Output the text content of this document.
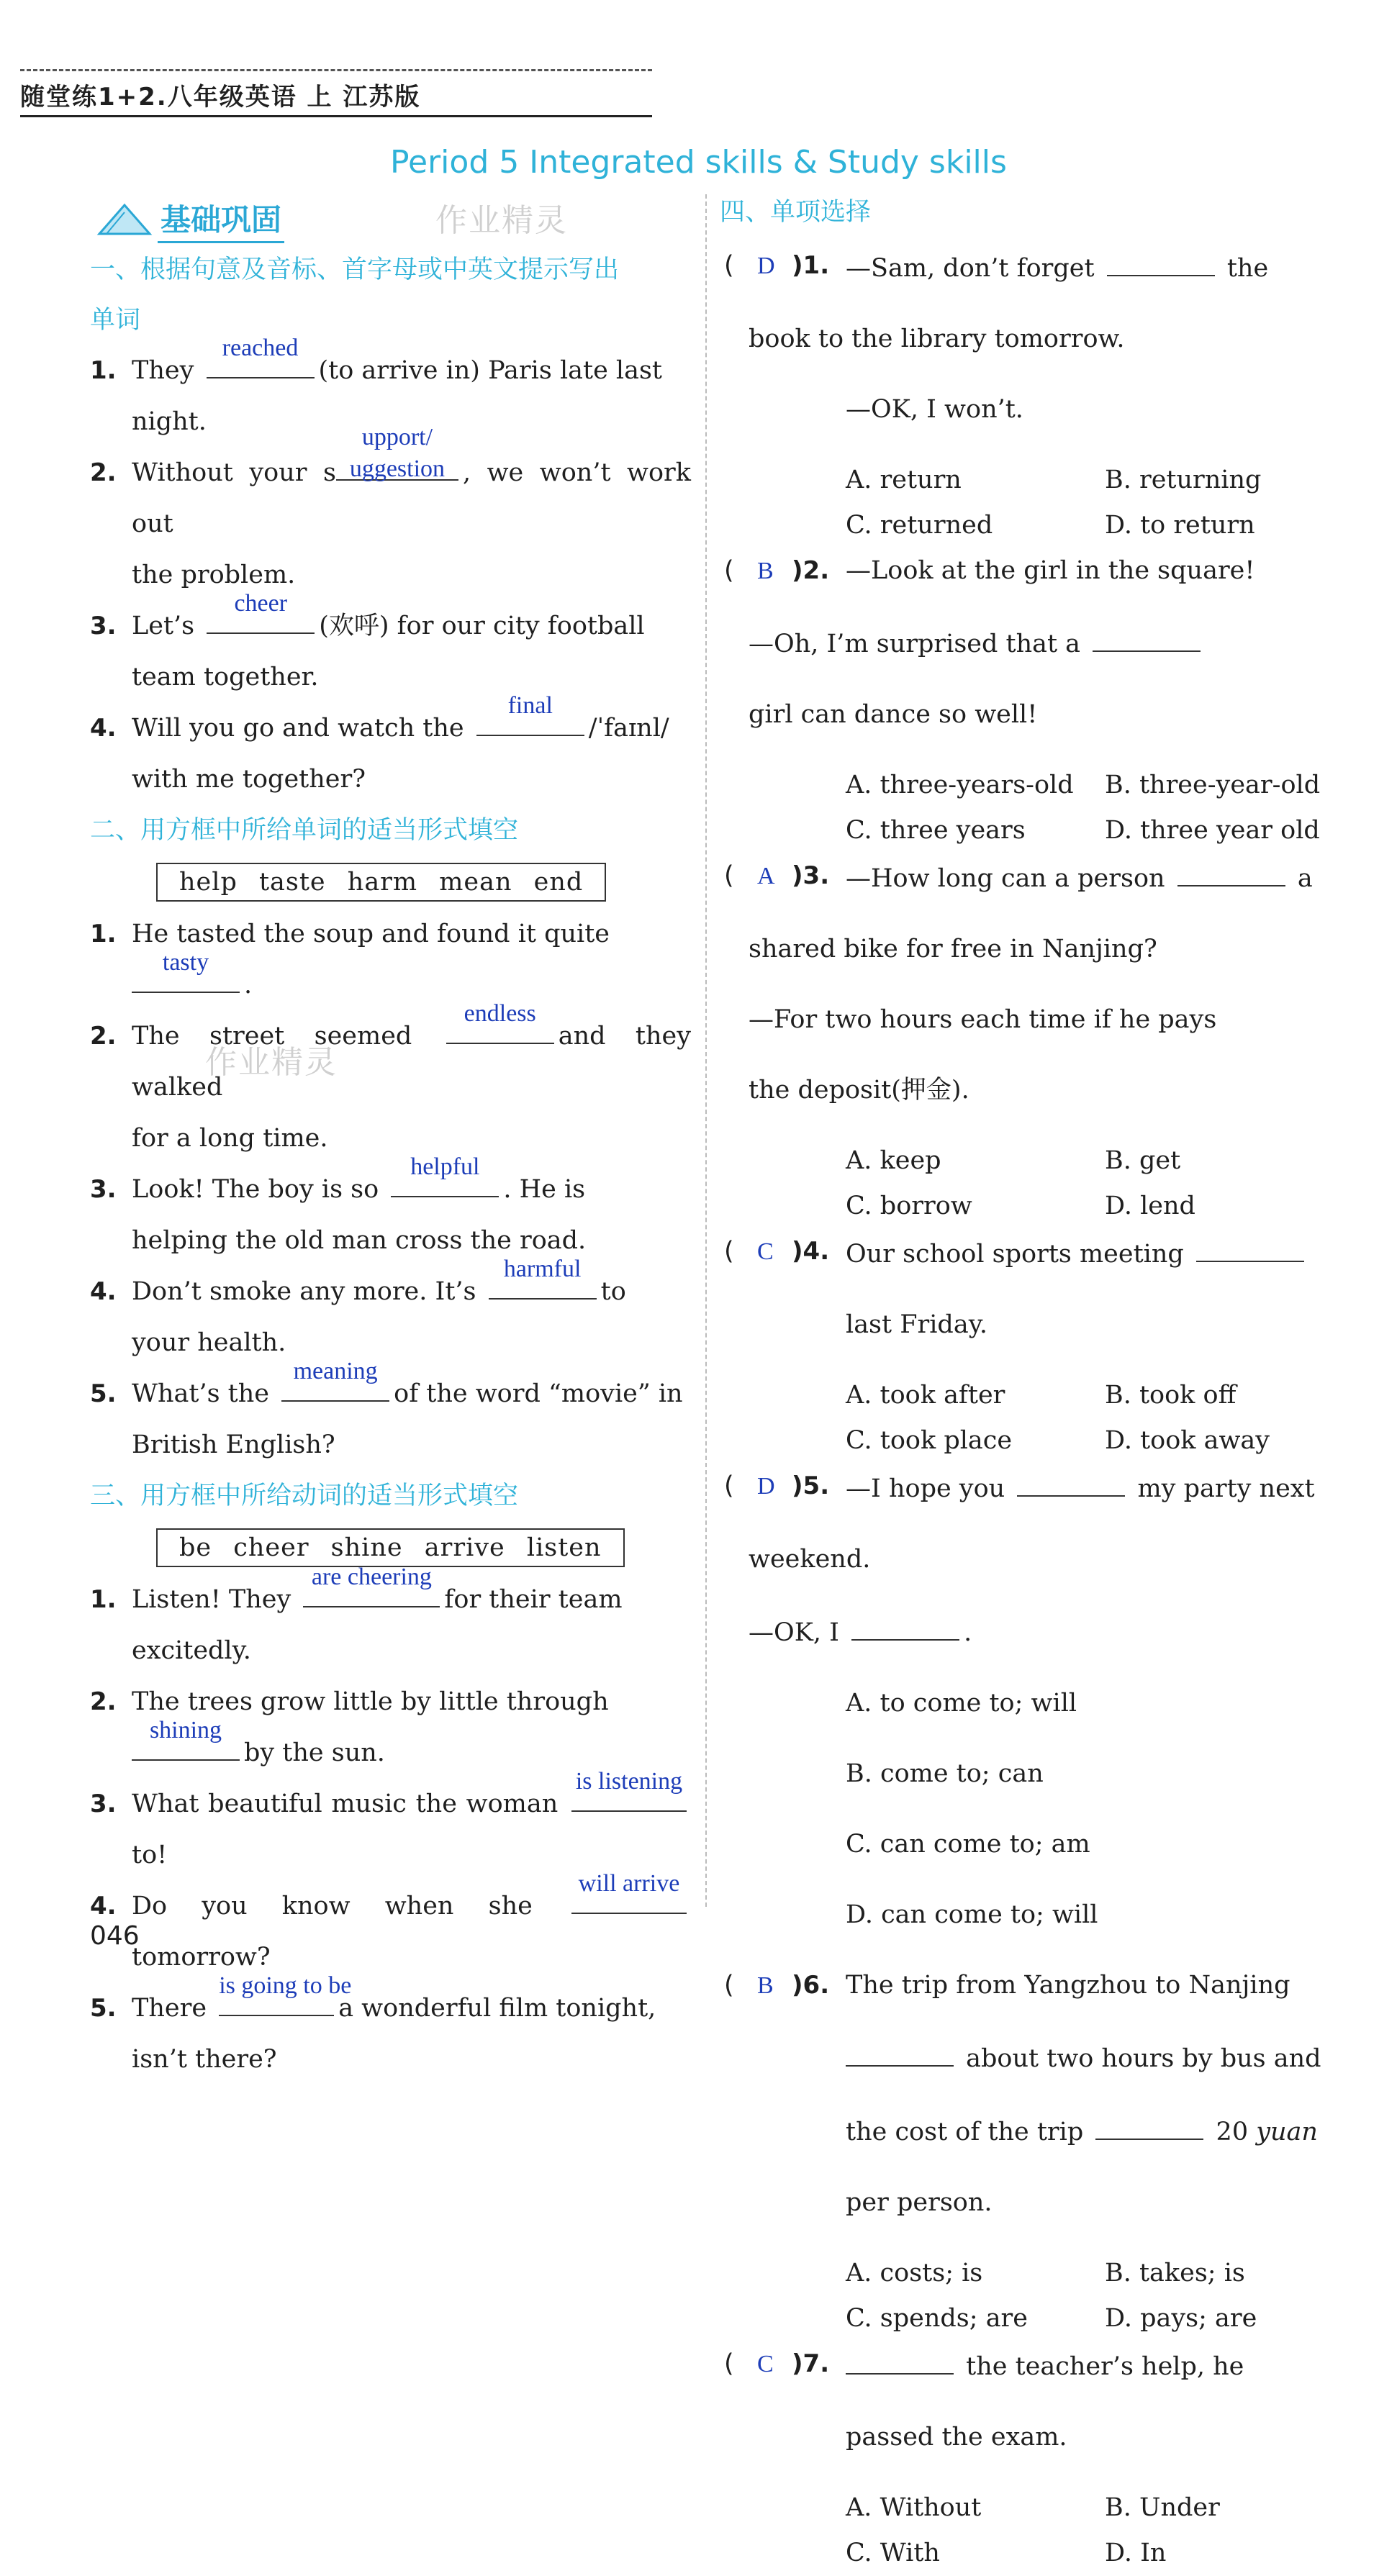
随堂练1+2.八年级英语 上 江苏版
Period 5 Integrated skills & Study skills
作业精灵
作业精灵
基础巩固

一、根据句意及音标、首字母或中英文提示写出

单词

1. They
reached
(to arrive in) Paris late last
night.

2. Without your s
upport/
uggestion , we won’t work out
the problem.

3. Let’s
cheer
(欢呼) for our city football
team together.

4. Will you go and watch the
final
/ˈfaɪnl/
with me together?

二、用方框中所给单词的适当形式填空

help taste harm mean end

1. He tasted the soup and found it quite

tasty
.

2. The street seemed
endless
and they walked
for a long time.

3. Look! The boy is so
helpful
. He is
helping the old man cross the road.

4. Don’t smoke any more. It’s
harmful
to
your health.

5. What’s the
meaning
of the word “movie” in
British English?

三、用方框中所给动词的适当形式填空

be cheer shine arrive listen

1. Listen! They
are cheering
for their team
excitedly.

2. The trees grow little by little through

shining
by the sun.

3. What beautiful music the woman
is listening
to!

4. Do you know when she
will arrive
tomorrow?

5. There
is going to be
a wonderful film tonight,
isn’t there?

四、单项选择

( D )1. —Sam, don’t forget	the

book to the library tomorrow.

—OK, I won’t.

A. return	B. returning
C. returned	D. to return

( B )2. —Look at the girl in the square!

—Oh, I’m surprised that a

girl can dance so well!

A. three-years-old	B. three-year-old
C. three years	D. three year old

( A )3. —How long can a person	a

shared bike for free in Nanjing?

—For two hours each time if he pays

the deposit(押金).

A. keep	B. get
C. borrow	D. lend

( C )4. Our school sports meeting

last Friday.

A. took after	B. took off
C. took place	D. took away

( D )5. —I hope you	my party next

weekend.

—OK, I	.

A. to come to; will

B. come to; can

C. can come to; am

D. can come to; will

( B )6. The trip from Yangzhou to Nanjing

about two hours by bus and

the cost of the trip	20 yuan

per person.

A. costs; is	B. takes; is
C. spends; are	D. pays; are

( C )7.	the teacher’s help, he

passed the exam.

A. Without	B. Under
C. With	D. In
046
